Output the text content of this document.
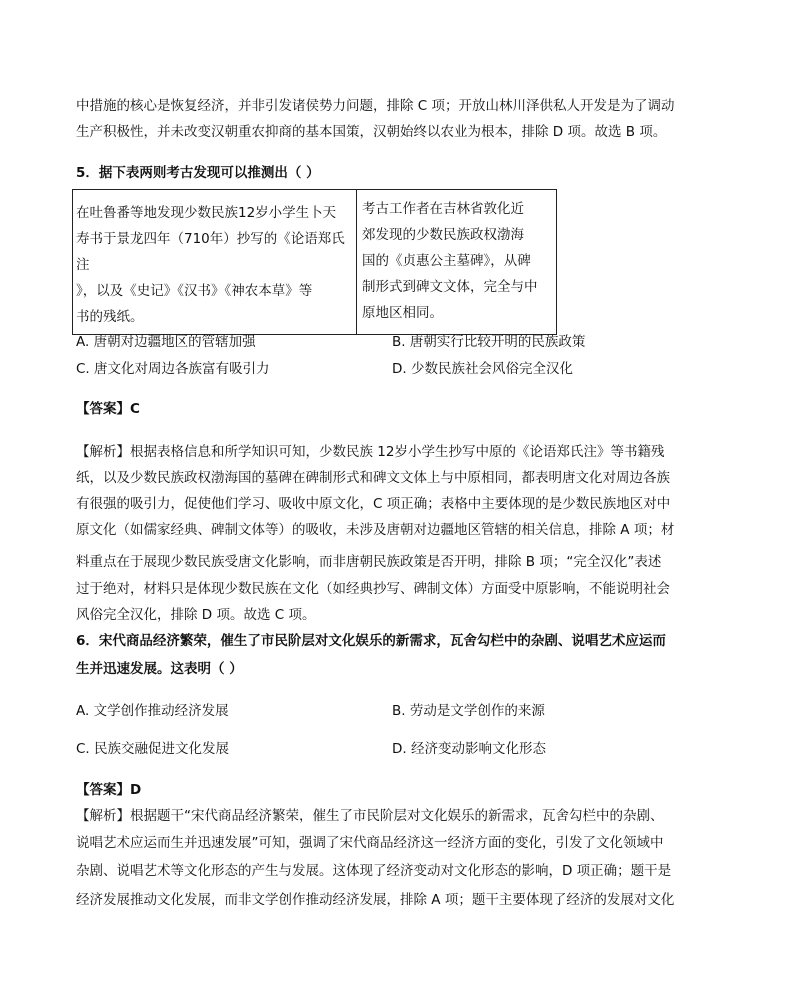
中措施的核心是恢复经济，并非引发诸侯势力问题，排除 C 项；开放山林川泽供私人开发是为了调动
生产积极性，并未改变汉朝重农抑商的基本国策，汉朝始终以农业为根本，排除 D 项。故选 B 项。
5．据下表两则考古发现可以推测出（ ）
在吐鲁番等地发现少数民族12岁小学生卜天
寿书于景龙四年（710年）抄写的《论语郑氏注
》，以及《史记》《汉书》《神农本草》等
书的残纸。

考古工作者在吉林省敦化近
郊发现的少数民族政权渤海
国的《贞惠公主墓碑》，从碑
制形式到碑文文体，完全与中
原地区相同。
A. 唐朝对边疆地区的管辖加强	B. 唐朝实行比较开明的民族政策
C. 唐文化对周边各族富有吸引力	D. 少数民族社会风俗完全汉化
【答案】C
【解析】根据表格信息和所学知识可知，少数民族 12岁小学生抄写中原的《论语郑氏注》等书籍残
纸，以及少数民族政权渤海国的墓碑在碑制形式和碑文文体上与中原相同，都表明唐文化对周边各族
有很强的吸引力，促使他们学习、吸收中原文化，C 项正确；表格中主要体现的是少数民族地区对中
原文化（如儒家经典、碑制文体等）的吸收，未涉及唐朝对边疆地区管辖的相关信息，排除 A 项；材
料重点在于展现少数民族受唐文化影响，而非唐朝民族政策是否开明，排除 B 项；“完全汉化”表述
过于绝对，材料只是体现少数民族在文化（如经典抄写、碑制文体）方面受中原影响，不能说明社会
风俗完全汉化，排除 D 项。故选 C 项。
6．宋代商品经济繁荣，催生了市民阶层对文化娱乐的新需求，瓦舍勾栏中的杂剧、说唱艺术应运而
生并迅速发展。这表明（ ）
A. 文学创作推动经济发展	B. 劳动是文学创作的来源
C. 民族交融促进文化发展	D. 经济变动影响文化形态
【答案】D
【解析】根据题干“宋代商品经济繁荣，催生了市民阶层对文化娱乐的新需求，瓦舍勾栏中的杂剧、
说唱艺术应运而生并迅速发展”可知，强调了宋代商品经济这一经济方面的变化，引发了文化领域中
杂剧、说唱艺术等文化形态的产生与发展。这体现了经济变动对文化形态的影响，D 项正确；题干是
经济发展推动文化发展，而非文学创作推动经济发展，排除 A 项；题干主要体现了经济的发展对文化
